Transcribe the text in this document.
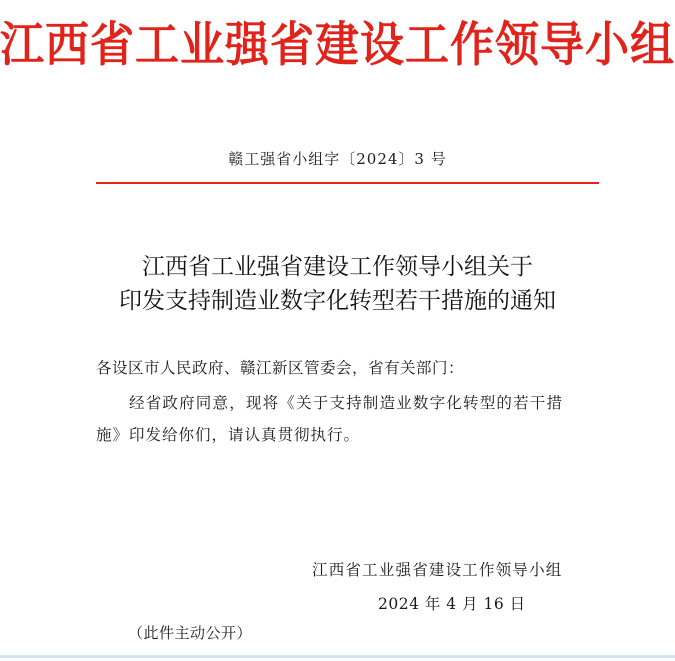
江西省工业强省建设工作领导小组
赣工强省小组字〔2024〕3 号
江西省工业强省建设工作领导小组关于
印发支持制造业数字化转型若干措施的通知
各设区市人民政府、赣江新区管委会，省有关部门：
经省政府同意，现将《关于支持制造业数字化转型的若干措
施》印发给你们，请认真贯彻执行。
江西省工业强省建设工作领导小组
2024 年 4 月 16 日
（此件主动公开）
